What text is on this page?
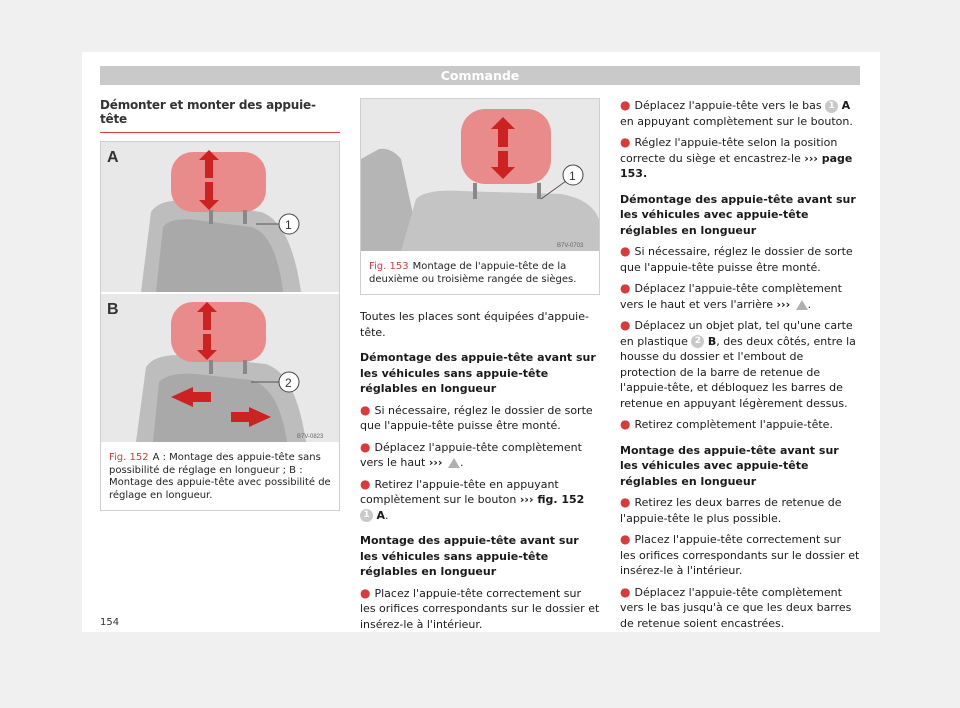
Commande
Démonter et monter des appuie-tête
A
1
B
2
B7V-0823
Fig. 152 A : Montage des appuie-tête sans possibilité de réglage en longueur ; B : Montage des appuie-tête avec possibilité de réglage en longueur.
1
B7V-0703
Fig. 153 Montage de l'appuie-tête de la deuxième ou troisième rangée de sièges.

Toutes les places sont équipées d'appuie-tête.

Démontage des appuie-tête avant sur les véhicules sans appuie-tête réglables en longueur

● Si nécessaire, réglez le dossier de sorte que l'appuie-tête puisse être monté.

● Déplacez l'appuie-tête complètement vers le haut ››› .

● Retirez l'appuie-tête en appuyant complètement sur le bouton ››› fig. 152 1 A.

Montage des appuie-tête avant sur les véhicules sans appuie-tête réglables en longueur

● Placez l'appuie-tête correctement sur les orifices correspondants sur le dossier et insérez-le à l'intérieur.

● Déplacez l'appuie-tête vers le bas 1 A en appuyant complètement sur le bouton.

● Réglez l'appuie-tête selon la position correcte du siège et encastrez-le ››› page 153.

Démontage des appuie-tête avant sur les véhicules avec appuie-tête réglables en longueur

● Si nécessaire, réglez le dossier de sorte que l'appuie-tête puisse être monté.

● Déplacez l'appuie-tête complètement vers le haut et vers l'arrière ››› .

● Déplacez un objet plat, tel qu'une carte en plastique 2 B, des deux côtés, entre la housse du dossier et l'embout de protection de la barre de retenue de l'appuie-tête, et débloquez les barres de retenue en appuyant légèrement dessus.

● Retirez complètement l'appuie-tête.

Montage des appuie-tête avant sur les véhicules avec appuie-tête réglables en longueur

● Retirez les deux barres de retenue de l'appuie-tête le plus possible.

● Placez l'appuie-tête correctement sur les orifices correspondants sur le dossier et insérez-le à l'intérieur.

● Déplacez l'appuie-tête complètement vers le bas jusqu'à ce que les deux barres de retenue soient encastrées.

154
